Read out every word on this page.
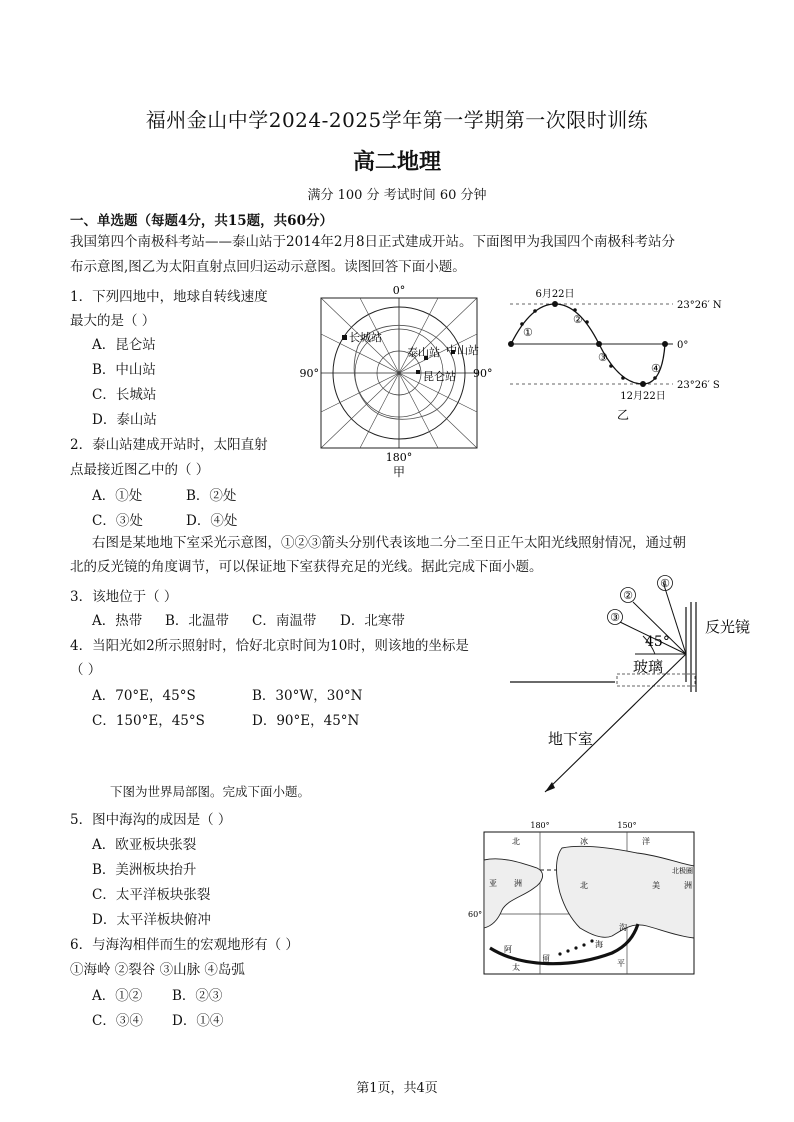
福州金山中学2024-2025学年第一学期第一次限时训练
高二地理
满分 100 分 考试时间 60 分钟
一、单选题（每题4分，共15题，共60分）
我国第四个南极科考站——泰山站于2014年2月8日正式建成开站。下面图甲为我国四个南极科考站分
布示意图,图乙为太阳直射点回归运动示意图。读图回答下面小题。
1．下列四地中，地球自转线速度
最大的是（ ）
A．昆仑站
B．中山站
C．长城站
D．泰山站
2．泰山站建成开站时，太阳直射
点最接近图乙中的（ ）
A．①处	B．②处
C．③处	D．④处
0°
90°	90°
180°
甲
长城站
泰山站 中山站
昆仑站
23°26′ N
0°
23°26′ S
6月22日
12月22日
①
②
③
④
乙
右图是某地地下室采光示意图，①②③箭头分别代表该地二分二至日正午太阳光线照射情况，通过朝
北的反光镜的角度调节，可以保证地下室获得充足的光线。据此完成下面小题。
3．该地位于（ ）
A．热带 B．北温带 C．南温带 D．北寒带
4．当阳光如2所示照射时，恰好北京时间为10时，则该地的坐标是
（ ）
A．70°E，45°S	B．30°W，30°N
C．150°E，45°S	D．90°E，45°N
①
②
③
45°
玻璃
反光镜
地下室
下图为世界局部图。完成下面小题。
5．图中海沟的成因是（ ）
A．欧亚板块张裂
B．美洲板块抬升
C．太平洋板块张裂
D．太平洋板块俯冲
6．与海沟相伴而生的宏观地形有（ ）
①海岭 ②裂谷 ③山脉 ④岛弧
A．①② B．②③
C．③④ D．①④
180°	150°
60°
北	冰	洋
北极圈
亚 洲	北	美	洲
阿
留
海
沟
太	平
第1页，共4页
